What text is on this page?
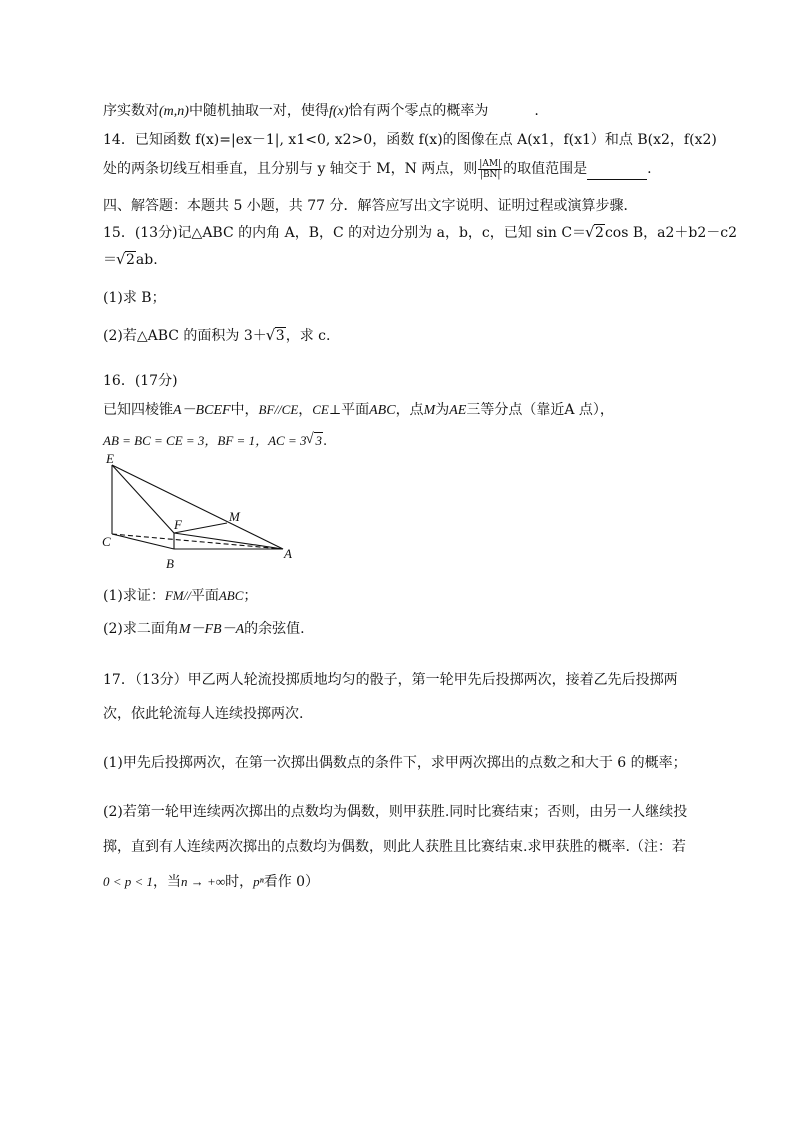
序实数对(m,n)中随机抽取一对，使得f(x)恰有两个零点的概率为	.
14．已知函数 f(x)=|ex－1|, x1<0, x2>0，函数 f(x)的图像在点 A(x1，f(x1）和点 B(x2，f(x2)
处的两条切线互相垂直，且分别与 y 轴交于 M，N 两点，则 $\frac{|AM|}{|BN|}$ 的取值范围是	.
四、解答题：本题共 5 小题，共 77 分．解答应写出文字说明、证明过程或演算步骤．
15．(13分)记△ABC 的内角 A，B，C 的对边分别为 a，b，c，已知 sin C＝ √ 2cos B，a2＋b2－c2
＝ √ 2ab.
(1)求 B；
(2)若△ABC 的面积为 3＋ √ 3，求 c.
16．(17分)
已知四棱锥A－BCEF中，BF//CE，CE⊥平面ABC，点M为AE三等分点（靠近A 点），
AB = BC = CE = 3，BF = 1，AC = 3 √ 3.
E
F
M
C
B
A
(1)求证：FM//平面ABC；
(2)求二面角M－FB－A的余弦值.
17．（13分）甲乙两人轮流投掷质地均匀的骰子，第一轮甲先后投掷两次，接着乙先后投掷两
次，依此轮流每人连续投掷两次.
(1)甲先后投掷两次，在第一次掷出偶数点的条件下，求甲两次掷出的点数之和大于 6 的概率；
(2)若第一轮甲连续两次掷出的点数均为偶数，则甲获胜.同时比赛结束；否则，由另一人继续投
掷，直到有人连续两次掷出的点数均为偶数，则此人获胜且比赛结束.求甲获胜的概率.（注：若
0 < p < 1，当n → +∞时，pⁿ看作 0）
